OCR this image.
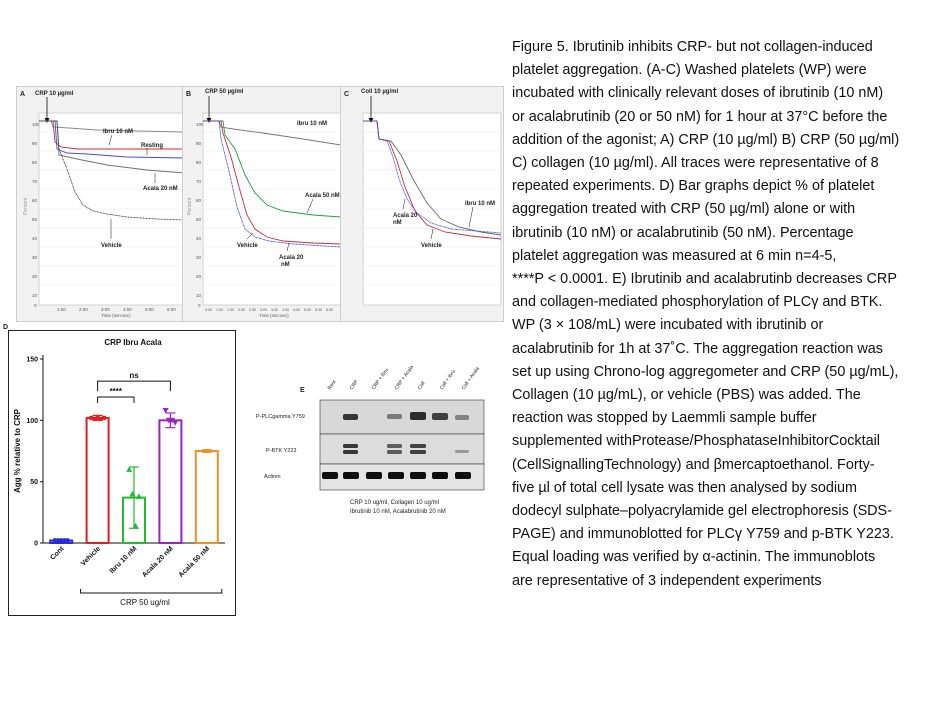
A CRP 10 µg/ml
100
90
80
70
60
50
40
30
20
10
0
Percent
Ibru 10 nM
Resting
Acala 20 nM
Vehicle
1:00	2:00	3:00	4:00	5:00	6:00
Time (min:sec)
B CRP 50 µg/ml
100
90
80
70
60
50
40
30
20
10
0
Percent
Ibru 10 nM
Acala 50 nM
Vehicle
Acala 20
nM
0:30 1:00 1:30 2:00 2:30 3:00 3:30 4:00 4:30 5:00 5:30 6:00
Time (min:sec)
C Coll 10 µg/ml
Acala 20
nM
Ibru 10 nM
Vehicle
D
CRP Ibru Acala
Agg % relative to CRP
0
50
100
150
ns
****
Cont Vehicle Ibru 10 nM Acala 20 nM Acala 50 nM
CRP 50 ug/ml
E	Rest CRP CRP + Ibru CRP + Acala Coll Coll + Ibru Coll + Acala
P-PLCgamma Y759
P-BTK Y223
Actinin
CRP 10 ug/ml, Collagen 10 ug/ml
Ibrutinib 10 nM, Acalabrutinib 20 nM

Figure 5. Ibrutinib inhibits CRP- but not collagen-induced

platelet aggregation. (A-C) Washed platelets (WP) were

incubated with clinically relevant doses of ibrutinib (10 nM)

or acalabrutinib (20 or 50 nM) for 1 hour at 37°C before the

addition of the agonist; A) CRP (10 µg/ml) B) CRP (50 µg/ml)

C) collagen (10 µg/ml). All traces were representative of 8

repeated experiments. D) Bar graphs depict % of platelet

aggregation treated with CRP (50 µg/ml) alone or with

ibrutinib (10 nM) or acalabrutinib (50 nM). Percentage

platelet aggregation was measured at 6 min n=4-5,

****P < 0.0001. E) Ibrutinib and acalabrutinb decreases CRP

and collagen-mediated phosphorylation of PLCγ and BTK.

WP (3 × 108/mL) were incubated with ibrutinib or

acalabrutinib for 1h at 37˚C. The aggregation reaction was

set up using Chrono-log aggregometer and CRP (50 µg/mL),

Collagen (10 µg/mL), or vehicle (PBS) was added. The

reaction was stopped by Laemmli sample buffer

supplemented withProtease/PhosphataseInhibitorCocktail

(CellSignallingTechnology) and βmercaptoethanol. Forty-

five µl of total cell lysate was then analysed by sodium

dodecyl sulphate–polyacrylamide gel electrophoresis (SDS-

PAGE) and immunoblotted for PLCγ Y759 and p-BTK Y223.

Equal loading was verified by α-actinin. The immunoblots

are representative of 3 independent experiments
